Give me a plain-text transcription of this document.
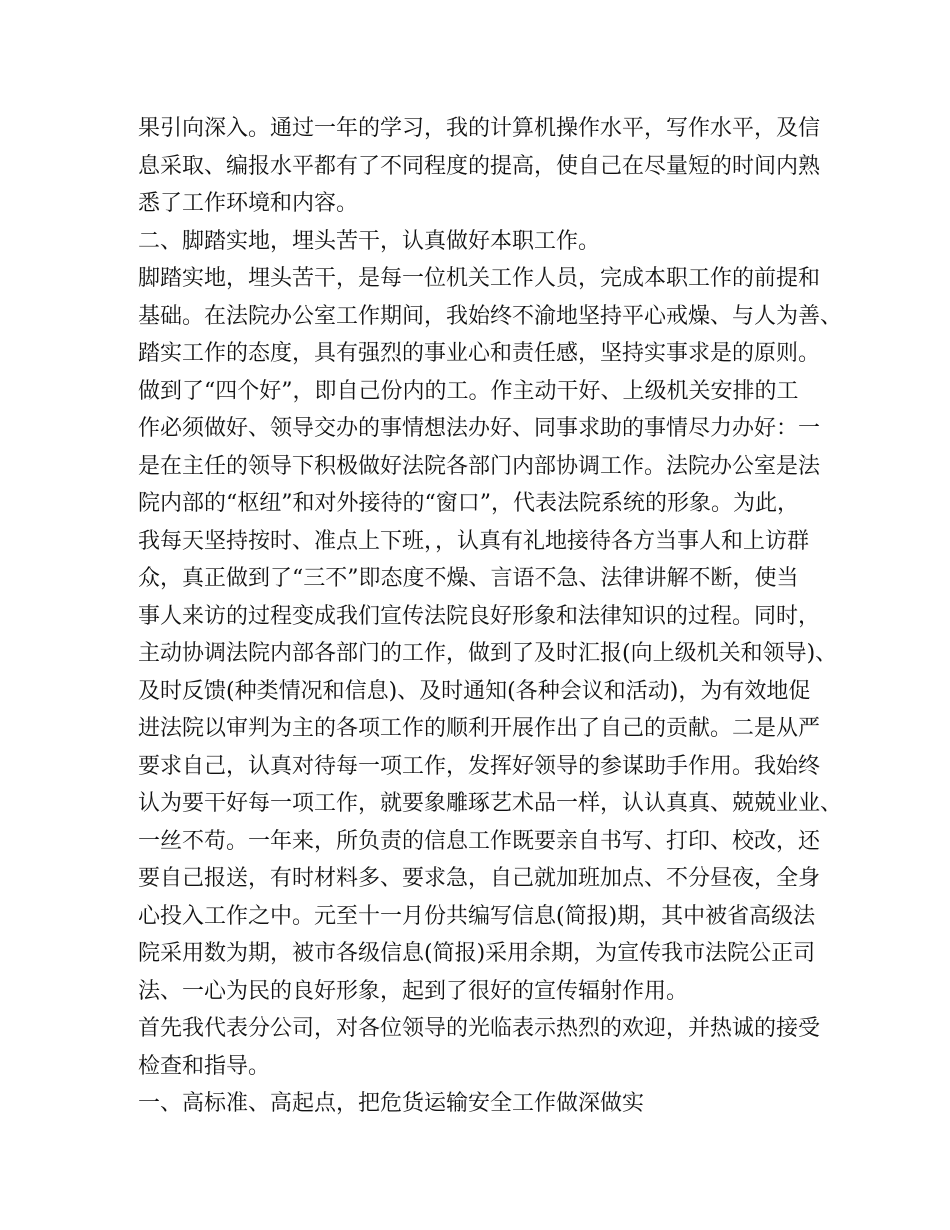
果引向深入。通过一年的学习，我的计算机操作水平，写作水平，及信

息采取、编报水平都有了不同程度的提高，使自己在尽量短的时间内熟

悉了工作环境和内容。

二、脚踏实地，埋头苦干，认真做好本职工作。

脚踏实地，埋头苦干，是每一位机关工作人员，完成本职工作的前提和

基础。在法院办公室工作期间，我始终不渝地坚持平心戒燥、与人为善、

踏实工作的态度，具有强烈的事业心和责任感，坚持实事求是的原则。

做到了“四个好”，即自己份内的工。作主动干好、上级机关安排的工

作必须做好、领导交办的事情想法办好、同事求助的事情尽力办好：一

是在主任的领导下积极做好法院各部门内部协调工作。法院办公室是法

院内部的“枢纽”和对外接待的“窗口”，代表法院系统的形象。为此，

我每天坚持按时、准点上下班，，认真有礼地接待各方当事人和上访群

众，真正做到了“三不”即态度不燥、言语不急、法律讲解不断，使当

事人来访的过程变成我们宣传法院良好形象和法律知识的过程。同时，

主动协调法院内部各部门的工作，做到了及时汇报(向上级机关和领导)、

及时反馈(种类情况和信息)、及时通知(各种会议和活动)，为有效地促

进法院以审判为主的各项工作的顺利开展作出了自己的贡献。二是从严

要求自己，认真对待每一项工作，发挥好领导的参谋助手作用。我始终

认为要干好每一项工作，就要象雕琢艺术品一样，认认真真、兢兢业业、

一丝不苟。一年来，所负责的信息工作既要亲自书写、打印、校改，还

要自己报送，有时材料多、要求急，自己就加班加点、不分昼夜，全身

心投入工作之中。元至十一月份共编写信息(简报)期，其中被省高级法

院采用数为期，被市各级信息(简报)采用余期，为宣传我市法院公正司

法、一心为民的良好形象，起到了很好的宣传辐射作用。

首先我代表分公司，对各位领导的光临表示热烈的欢迎，并热诚的接受

检查和指导。

一、高标准、高起点，把危货运输安全工作做深做实
